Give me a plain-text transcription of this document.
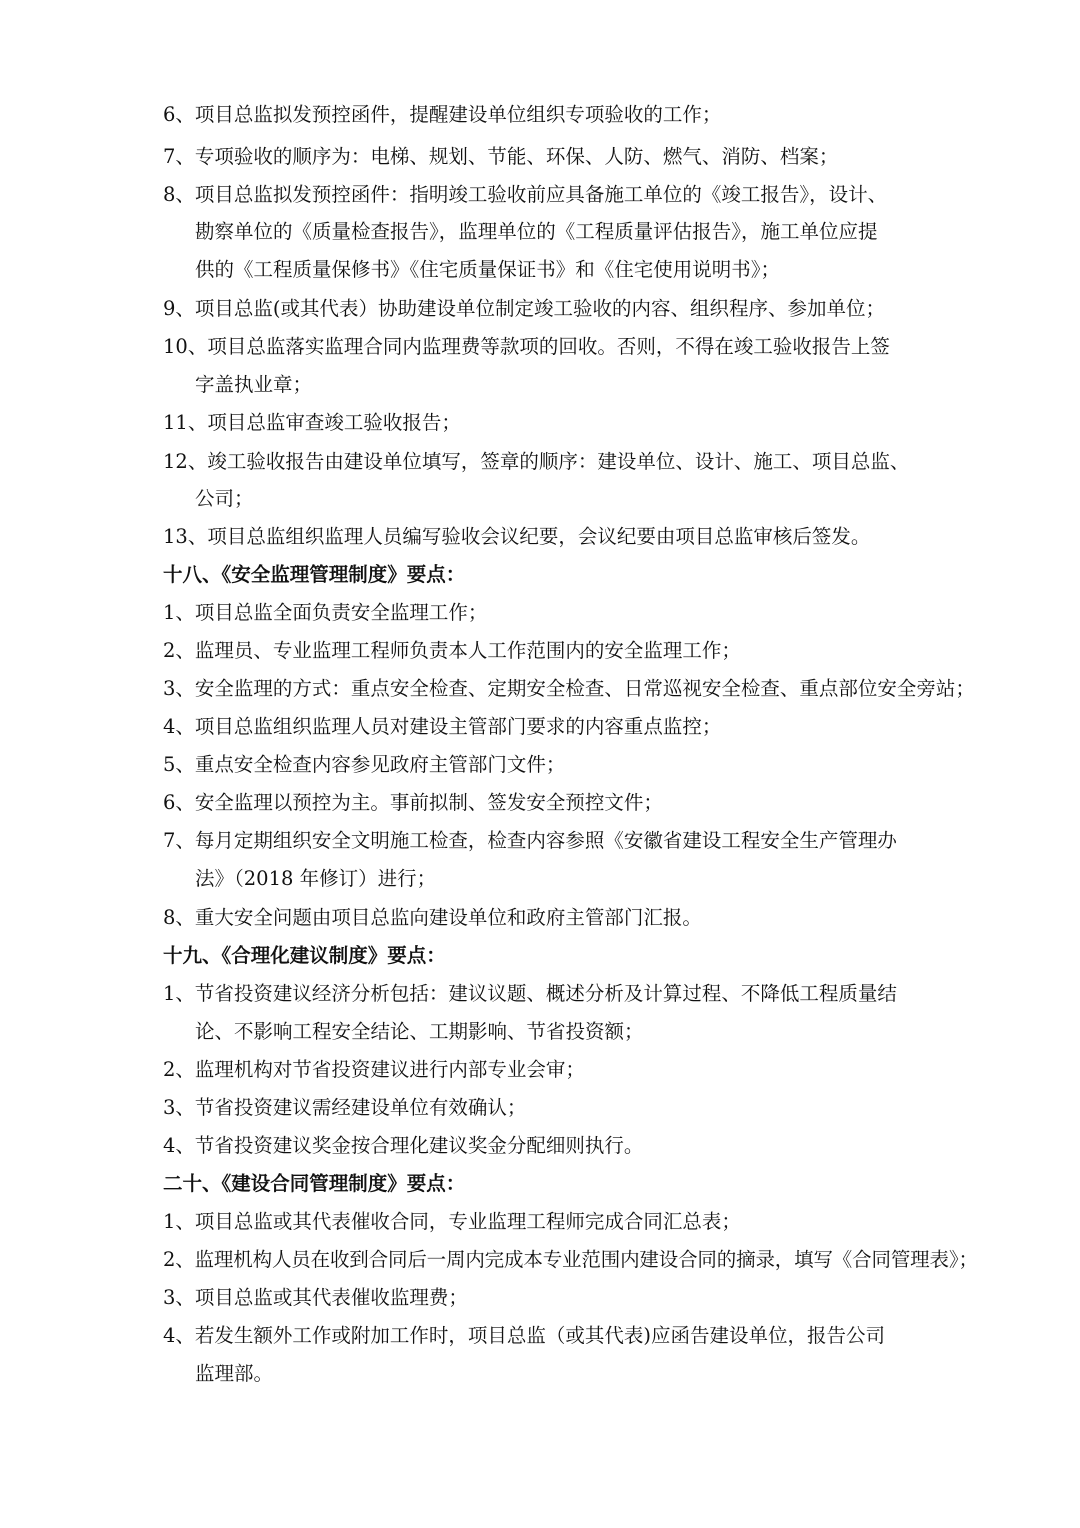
6、项目总监拟发预控函件，提醒建设单位组织专项验收的工作；
7、专项验收的顺序为：电梯、规划、节能、环保、人防、燃气、消防、档案；
8、项目总监拟发预控函件：指明竣工验收前应具备施工单位的《竣工报告》，设计、
勘察单位的《质量检查报告》，监理单位的《工程质量评估报告》，施工单位应提
供的《工程质量保修书》《住宅质量保证书》和《住宅使用说明书》；
9、项目总监(或其代表）协助建设单位制定竣工验收的内容、组织程序、参加单位；
10、项目总监落实监理合同内监理费等款项的回收。否则，不得在竣工验收报告上签
字盖执业章；
11、项目总监审查竣工验收报告；
12、竣工验收报告由建设单位填写，签章的顺序：建设单位、设计、施工、项目总监、
公司；
13、项目总监组织监理人员编写验收会议纪要，会议纪要由项目总监审核后签发。
十八、《安全监理管理制度》要点：
1、项目总监全面负责安全监理工作；
2、监理员、专业监理工程师负责本人工作范围内的安全监理工作；
3、安全监理的方式：重点安全检查、定期安全检查、日常巡视安全检查、重点部位安全旁站；
4、项目总监组织监理人员对建设主管部门要求的内容重点监控；
5、重点安全检查内容参见政府主管部门文件；
6、安全监理以预控为主。事前拟制、签发安全预控文件；
7、每月定期组织安全文明施工检查，检查内容参照《安徽省建设工程安全生产管理办
法》（2018 年修订）进行；
8、重大安全问题由项目总监向建设单位和政府主管部门汇报。
十九、《合理化建议制度》要点：
1、节省投资建议经济分析包括：建议议题、概述分析及计算过程、不降低工程质量结
论、不影响工程安全结论、工期影响、节省投资额；
2、监理机构对节省投资建议进行内部专业会审；
3、节省投资建议需经建设单位有效确认；
4、节省投资建议奖金按合理化建议奖金分配细则执行。
二十、《建设合同管理制度》要点：
1、项目总监或其代表催收合同，专业监理工程师完成合同汇总表；
2、监理机构人员在收到合同后一周内完成本专业范围内建设合同的摘录，填写《合同管理表》；
3、项目总监或其代表催收监理费；
4、若发生额外工作或附加工作时，项目总监（或其代表)应函告建设单位，报告公司
监理部。
